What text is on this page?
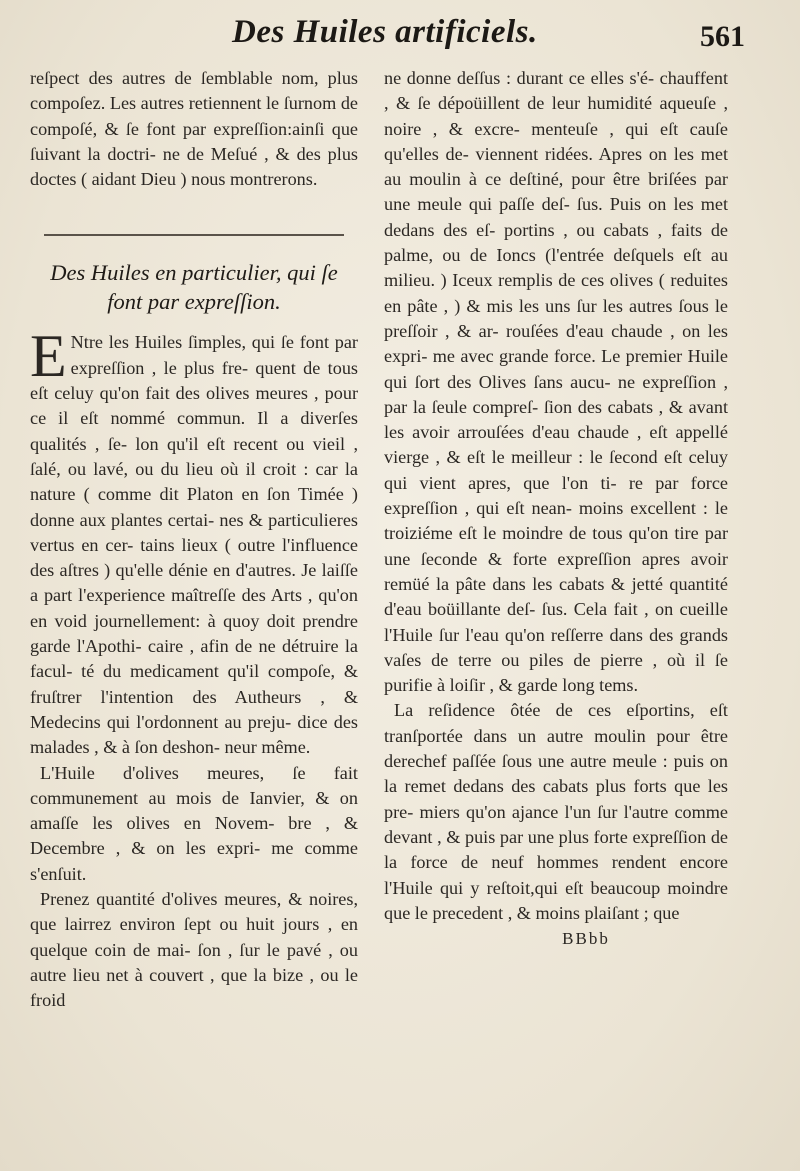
Des Huiles artificiels.	561

reſpect des autres de ſemblable nom, plus compoſez. Les autres retiennent le ſurnom de compoſé, & ſe font par expreſſion:ainſi que ſuivant la doctri- ne de Meſué , & des plus doctes ( aidant Dieu ) nous montrerons.

Des Huiles en particulier, qui ſe font par expreſſion.

ENtre les Huiles ſimples, qui ſe font par expreſſion , le plus fre- quent de tous eſt celuy qu'on fait des olives meures , pour ce il eſt nommé commun. Il a diverſes qualités , ſe- lon qu'il eſt recent ou vieil , ſalé, ou lavé, ou du lieu où il croit : car la nature ( comme dit Platon en ſon Timée ) donne aux plantes certai- nes & particulieres vertus en cer- tains lieux ( outre l'influence des aſtres ) qu'elle dénie en d'autres. Je laiſſe a part l'experience maîtreſſe des Arts , qu'on en void journellement: à quoy doit prendre garde l'Apothi- caire , afin de ne détruire la facul- té du medicament qu'il compoſe, & fruſtrer l'intention des Autheurs , & Medecins qui l'ordonnent au preju- dice des malades , & à ſon deshon- neur même.

L'Huile d'olives meures, ſe fait communement au mois de Ianvier, & on amaſſe les olives en Novem- bre , & Decembre , & on les expri- me comme s'enſuit.

Prenez quantité d'olives meures, & noires, que lairrez environ ſept ou huit jours , en quelque coin de mai- ſon , ſur le pavé , ou autre lieu net à couvert , que la bize , ou le froid

ne donne deſſus : durant ce elles s'é- chauffent , & ſe dépoüillent de leur humidité aqueuſe , noire , & excre- menteuſe , qui eſt cauſe qu'elles de- viennent ridées. Apres on les met au moulin à ce deſtiné, pour être briſées par une meule qui paſſe deſ- ſus. Puis on les met dedans des eſ- portins , ou cabats , faits de palme, ou de Ioncs (l'entrée deſquels eſt au milieu. ) Iceux remplis de ces olives ( reduites en pâte , ) & mis les uns ſur les autres ſous le preſſoir , & ar- rouſées d'eau chaude , on les expri- me avec grande force. Le premier Huile qui ſort des Olives ſans aucu- ne expreſſion , par la ſeule compreſ- ſion des cabats , & avant les avoir arrouſées d'eau chaude , eſt appellé vierge , & eſt le meilleur : le ſecond eſt celuy qui vient apres, que l'on ti- re par force expreſſion , qui eſt nean- moins excellent : le troiziéme eſt le moindre de tous qu'on tire par une ſeconde & forte expreſſion apres avoir remüé la pâte dans les cabats & jetté quantité d'eau boüillante deſ- ſus. Cela fait , on cueille l'Huile ſur l'eau qu'on reſſerre dans des grands vaſes de terre ou piles de pierre , où il ſe purifie à loiſir , & garde long tems.

La reſidence ôtée de ces eſportins, eſt tranſportée dans un autre moulin pour être derechef paſſée ſous une autre meule : puis on la remet dedans des cabats plus forts que les pre- miers qu'on ajance l'un ſur l'autre comme devant , & puis par une plus forte expreſſion de la force de neuf hommes rendent encore l'Huile qui y reſtoit,qui eſt beaucoup moindre que le precedent , & moins plaiſant ; que

BBbb
